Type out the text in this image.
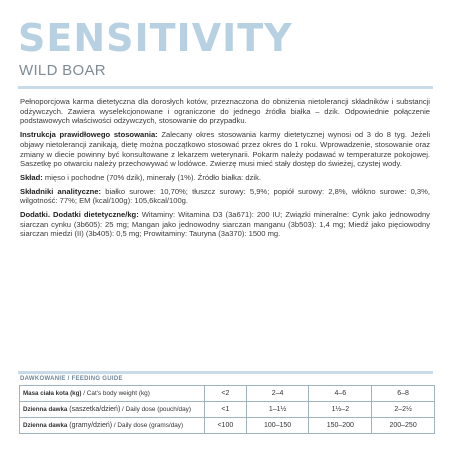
SENSITIVITY
WILD BOAR

Pełnoporcjowa karma dietetyczna dla dorosłych kotów, przeznaczona do obniżenia nietolerancji składników i substancji odżywczych. Zawiera wyselekcjonowane i ograniczone do jednego źródła białka – dzik. Odpowiednie połączenie podstawowych właściwości odżywczych, stosowanie do przypadku.

Instrukcja prawidłowego stosowania: Zalecany okres stosowania karmy dietetycznej wynosi od 3 do 8 tyg. Jeżeli objawy nietolerancji zanikają, dietę można początkowo stosować przez okres do 1 roku. Wprowadzenie, stosowanie oraz zmiany w diecie powinny być konsultowane z lekarzem weterynarii. Pokarm należy podawać w temperaturze pokojowej. Saszetkę po otwarciu należy przechowywać w lodówce. Zwierzę musi mieć stały dostęp do świeżej, czystej wody.

Skład: mięso i pochodne (70% dzik), minerały (1%). Źródło białka: dzik.

Składniki analityczne: białko surowe: 10,70%; tłuszcz surowy: 5,9%; popiół surowy: 2,8%, włókno surowe: 0,3%, wilgotność: 77%; EM (kcal/100g): 105,6kcal/100g.

Dodatki. Dodatki dietetyczne/kg: Witaminy: Witamina D3 (3a671): 200 IU; Związki mineralne: Cynk jako jednowodny siarczan cynku (3b605): 25 mg; Mangan jako jednowodny siarczan manganu (3b503): 1,4 mg; Miedź jako pięciowodny siarczan miedzi (II) (3b405): 0,5 mg; Prowitaminy: Tauryna (3a370): 1500 mg.

DAWKOWANIE / FEEDING GUIDE
Masa ciała kota (kg) / Cat's body weight (kg)	<2	2–4	4–6	6–8
Dzienna dawka (saszetka/dzień) / Daily dose (pouch/day)	<1	1–1½	1½–2	2–2½
Dzienna dawka (gramy/dzień) / Daily dose (grams/day)	<100	100–150	150–200	200–250
